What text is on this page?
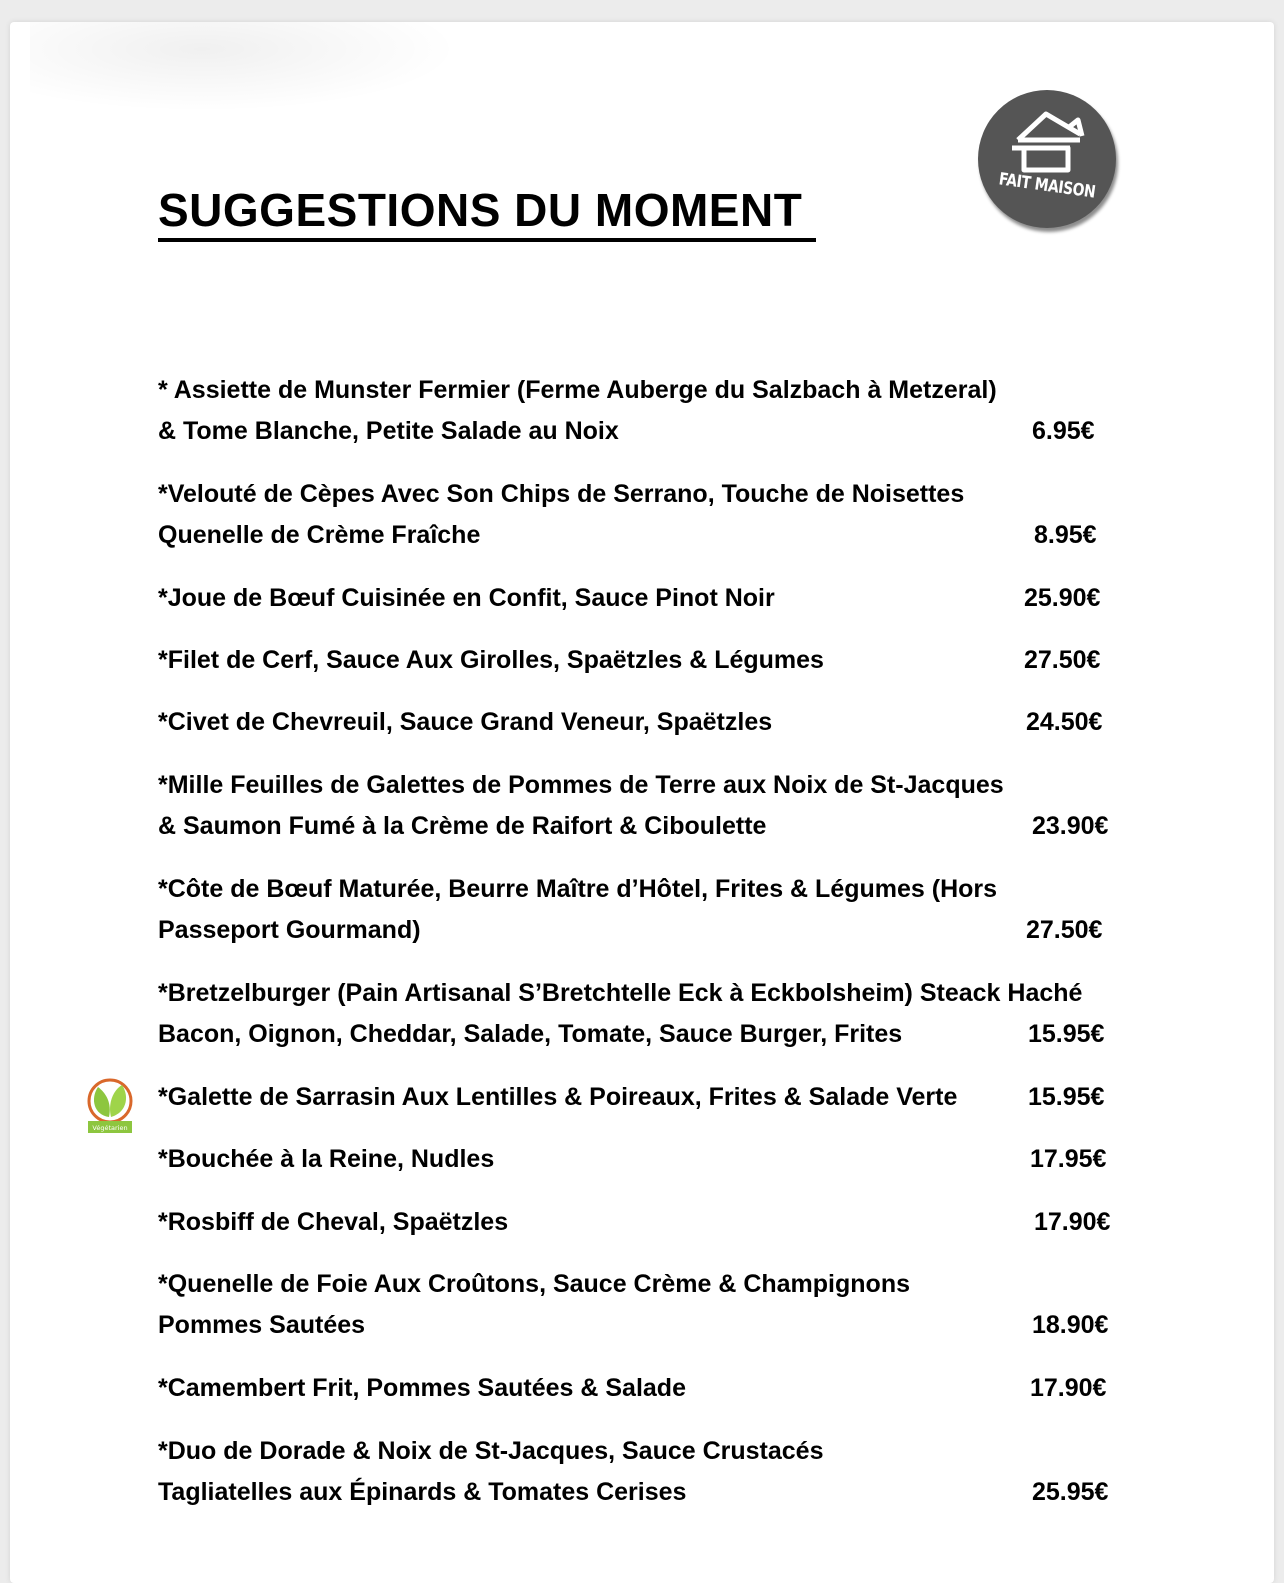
SUGGESTIONS DU MOMENT	FAIT MAISON
Végétarien
* Assiette de Munster Fermier (Ferme Auberge du Salzbach à Metzeral)
& Tome Blanche, Petite Salade au Noix	6.95€
*Velouté de Cèpes Avec Son Chips de Serrano, Touche de Noisettes
Quenelle de Crème Fraîche	8.95€
*Joue de Bœuf Cuisinée en Confit, Sauce Pinot Noir	25.90€
*Filet de Cerf, Sauce Aux Girolles, Spaëtzles & Légumes	27.50€
*Civet de Chevreuil, Sauce Grand Veneur, Spaëtzles	24.50€
*Mille Feuilles de Galettes de Pommes de Terre aux Noix de St-Jacques
& Saumon Fumé à la Crème de Raifort & Ciboulette	23.90€
*Côte de Bœuf Maturée, Beurre Maître d’Hôtel, Frites & Légumes (Hors
Passeport Gourmand)	27.50€
*Bretzelburger (Pain Artisanal S’Bretchtelle Eck à Eckbolsheim) Steack Haché
Bacon, Oignon, Cheddar, Salade, Tomate, Sauce Burger, Frites	15.95€
*Galette de Sarrasin Aux Lentilles & Poireaux, Frites & Salade Verte	15.95€
*Bouchée à la Reine, Nudles	17.95€
*Rosbiff de Cheval, Spaëtzles	17.90€
*Quenelle de Foie Aux Croûtons, Sauce Crème & Champignons
Pommes Sautées	18.90€
*Camembert Frit, Pommes Sautées & Salade	17.90€
*Duo de Dorade & Noix de St-Jacques, Sauce Crustacés
Tagliatelles aux Épinards & Tomates Cerises	25.95€
